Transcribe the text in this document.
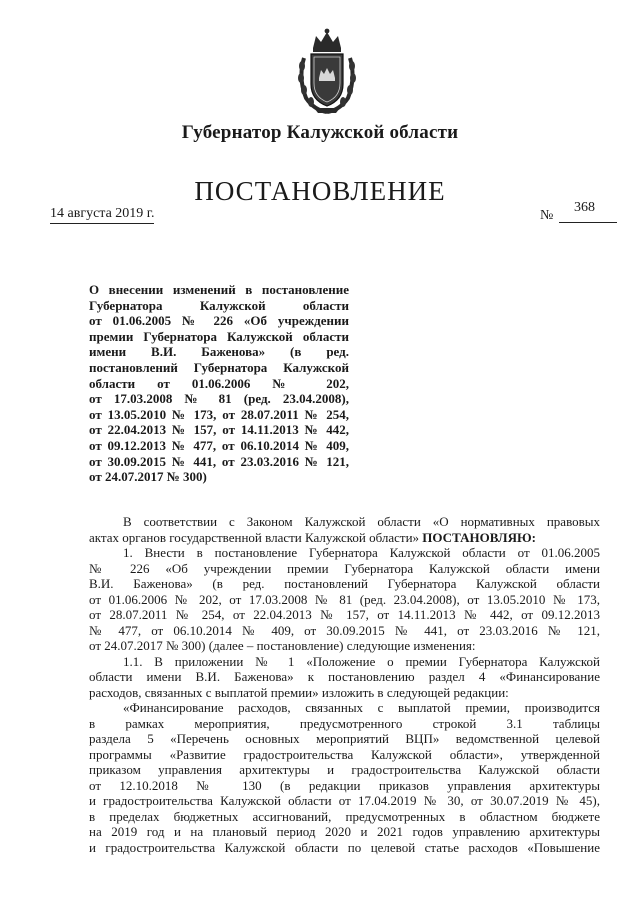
Губернатор Калужской области
ПОСТАНОВЛЕНИЕ
14 августа 2019 г.	№
368
О внесении изменений в постановление
Губернатора Калужской области
от 01.06.2005 № 226 «Об учреждении
премии Губернатора Калужской области
имени В.И. Баженова» (в ред.
постановлений Губернатора Калужской
области от 01.06.2006 № 202,
от 17.03.2008 № 81 (ред. 23.04.2008),
от 13.05.2010 № 173, от 28.07.2011 № 254,
от 22.04.2013 № 157, от 14.11.2013 № 442,
от 09.12.2013 № 477, от 06.10.2014 № 409,
от 30.09.2015 № 441, от 23.03.2016 № 121,
от 24.07.2017 № 300)
В соответствии с Законом Калужской области «О нормативных правовых
актах органов государственной власти Калужской области» ПОСТАНОВЛЯЮ:
1. Внести в постановление Губернатора Калужской области от 01.06.2005
№ 226 «Об учреждении премии Губернатора Калужской области имени
В.И. Баженова» (в ред. постановлений Губернатора Калужской области
от 01.06.2006 № 202, от 17.03.2008 № 81 (ред. 23.04.2008), от 13.05.2010 № 173,
от 28.07.2011 № 254, от 22.04.2013 № 157, от 14.11.2013 № 442, от 09.12.2013
№ 477, от 06.10.2014 № 409, от 30.09.2015 № 441, от 23.03.2016 № 121,
от 24.07.2017 № 300) (далее – постановление) следующие изменения:
1.1. В приложении № 1 «Положение о премии Губернатора Калужской
области имени В.И. Баженова» к постановлению раздел 4 «Финансирование
расходов, связанных с выплатой премии» изложить в следующей редакции:
«Финансирование расходов, связанных с выплатой премии, производится
в рамках мероприятия, предусмотренного строкой 3.1 таблицы
раздела 5 «Перечень основных мероприятий ВЦП» ведомственной целевой
программы «Развитие градостроительства Калужской области», утвержденной
приказом управления архитектуры и градостроительства Калужской области
от 12.10.2018 № 130 (в редакции приказов управления архитектуры
и градостроительства Калужской области от 17.04.2019 № 30, от 30.07.2019 № 45),
в пределах бюджетных ассигнований, предусмотренных в областном бюджете
на 2019 год и на плановый период 2020 и 2021 годов управлению архитектуры
и градостроительства Калужской области по целевой статье расходов «Повышение
